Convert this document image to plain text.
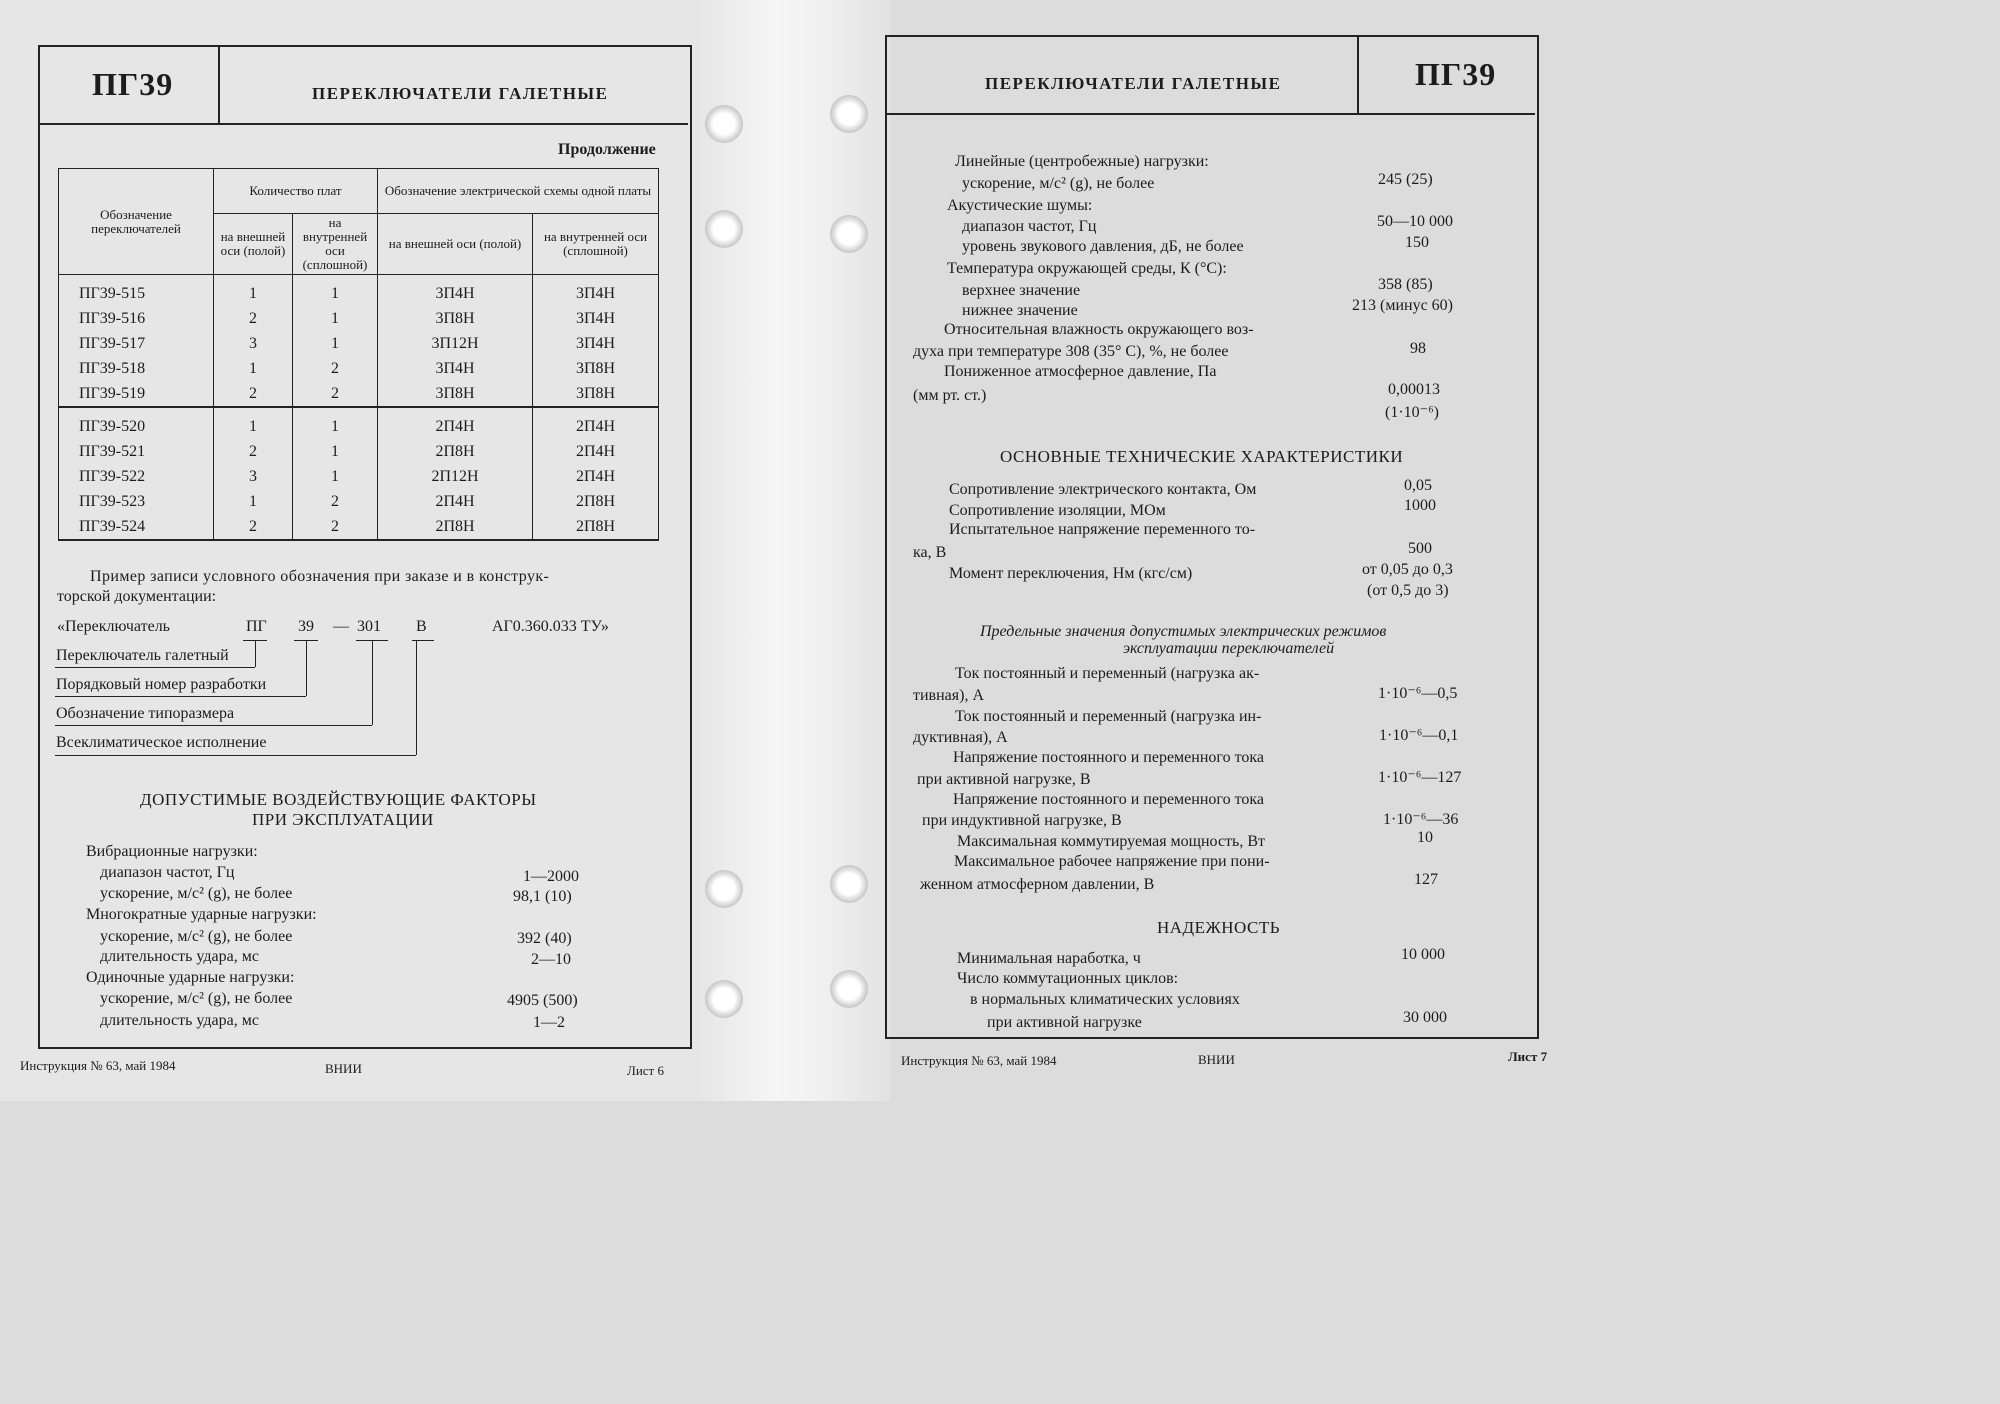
ПГ39	ПЕРЕКЛЮЧАТЕЛИ ГАЛЕТНЫЕ
Продолжение
Обозначение переключателей	Количество плат		Обозначение электрической схемы одной платы	
	на внешней оси (полой)	на внутренней оси (сплошной)	на внешней оси (полой)	на внутренней оси (сплошной)
ПГ39-515	1	1	3П4Н	3П4Н
ПГ39-516	2	1	3П8Н	3П4Н
ПГ39-517	3	1	3П12Н	3П4Н
ПГ39-518	1	2	3П4Н	3П8Н
ПГ39-519	2	2	3П8Н	3П8Н
ПГ39-520	1	1	2П4Н	2П4Н
ПГ39-521	2	1	2П8Н	2П4Н
ПГ39-522	3	1	2П12Н	2П4Н
ПГ39-523	1	2	2П4Н	2П8Н
ПГ39-524	2	2	2П8Н	2П8Н
Пример записи условного обозначения при заказе и в конструк-
торской документации:
«Переключатель	ПГ 39 — 301 В	АГ0.360.033 ТУ»
Переключатель галетный
Порядковый номер разработки
Обозначение типоразмера
Всеклиматическое исполнение
ДОПУСТИМЫЕ ВОЗДЕЙСТВУЮЩИЕ ФАКТОРЫ
ПРИ ЭКСПЛУАТАЦИИ
Вибрационные нагрузки:
диапазон частот, Гц	1—2000
ускорение, м/с² (g), не более	98,1 (10)
Многократные ударные нагрузки:
ускорение, м/с² (g), не более	392 (40)
длительность удара, мс	2—10
Одиночные ударные нагрузки:
ускорение, м/с² (g), не более	4905 (500)
длительность удара, мс	1—2
Инструкция № 63, май 1984	ВНИИ	Лист 6
ПЕРЕКЛЮЧАТЕЛИ ГАЛЕТНЫЕ	ПГ39
Линейные (центробежные) нагрузки:
ускорение, м/с² (g), не более	245 (25)
Акустические шумы:
диапазон частот, Гц	50—10 000
уровень звукового давления, дБ, не более	150
Температура окружающей среды, К (°С):
верхнее значение	358 (85)
нижнее значение	213 (минус 60)
Относительная влажность окружающего воз-
духа при температуре 308 (35° С), %, не более	98
Пониженное атмосферное давление, Па
(мм рт. ст.)	0,00013
(1·10⁻⁶)
ОСНОВНЫЕ ТЕХНИЧЕСКИЕ ХАРАКТЕРИСТИКИ
Сопротивление электрического контакта, Ом	0,05
Сопротивление изоляции, МОм	1000
Испытательное напряжение переменного то-
ка, В	500
Момент переключения, Нм (кгс/см)	от 0,05 до 0,3
(от 0,5 до 3)
Предельные значения допустимых электрических режимов
эксплуатации переключателей
Ток постоянный и переменный (нагрузка ак-
тивная), А	1·10⁻⁶—0,5
Ток постоянный и переменный (нагрузка ин-
дуктивная), А	1·10⁻⁶—0,1
Напряжение постоянного и переменного тока
при активной нагрузке, В	1·10⁻⁶—127
Напряжение постоянного и переменного тока
при индуктивной нагрузке, В	1·10⁻⁶—36
Максимальная коммутируемая мощность, Вт	10
Максимальное рабочее напряжение при пони-
женном атмосферном давлении, В	127
НАДЕЖНОСТЬ
Минимальная наработка, ч	10 000
Число коммутационных циклов:
в нормальных климатических условиях
при активной нагрузке	30 000
Инструкция № 63, май 1984	ВНИИ	Лист 7
